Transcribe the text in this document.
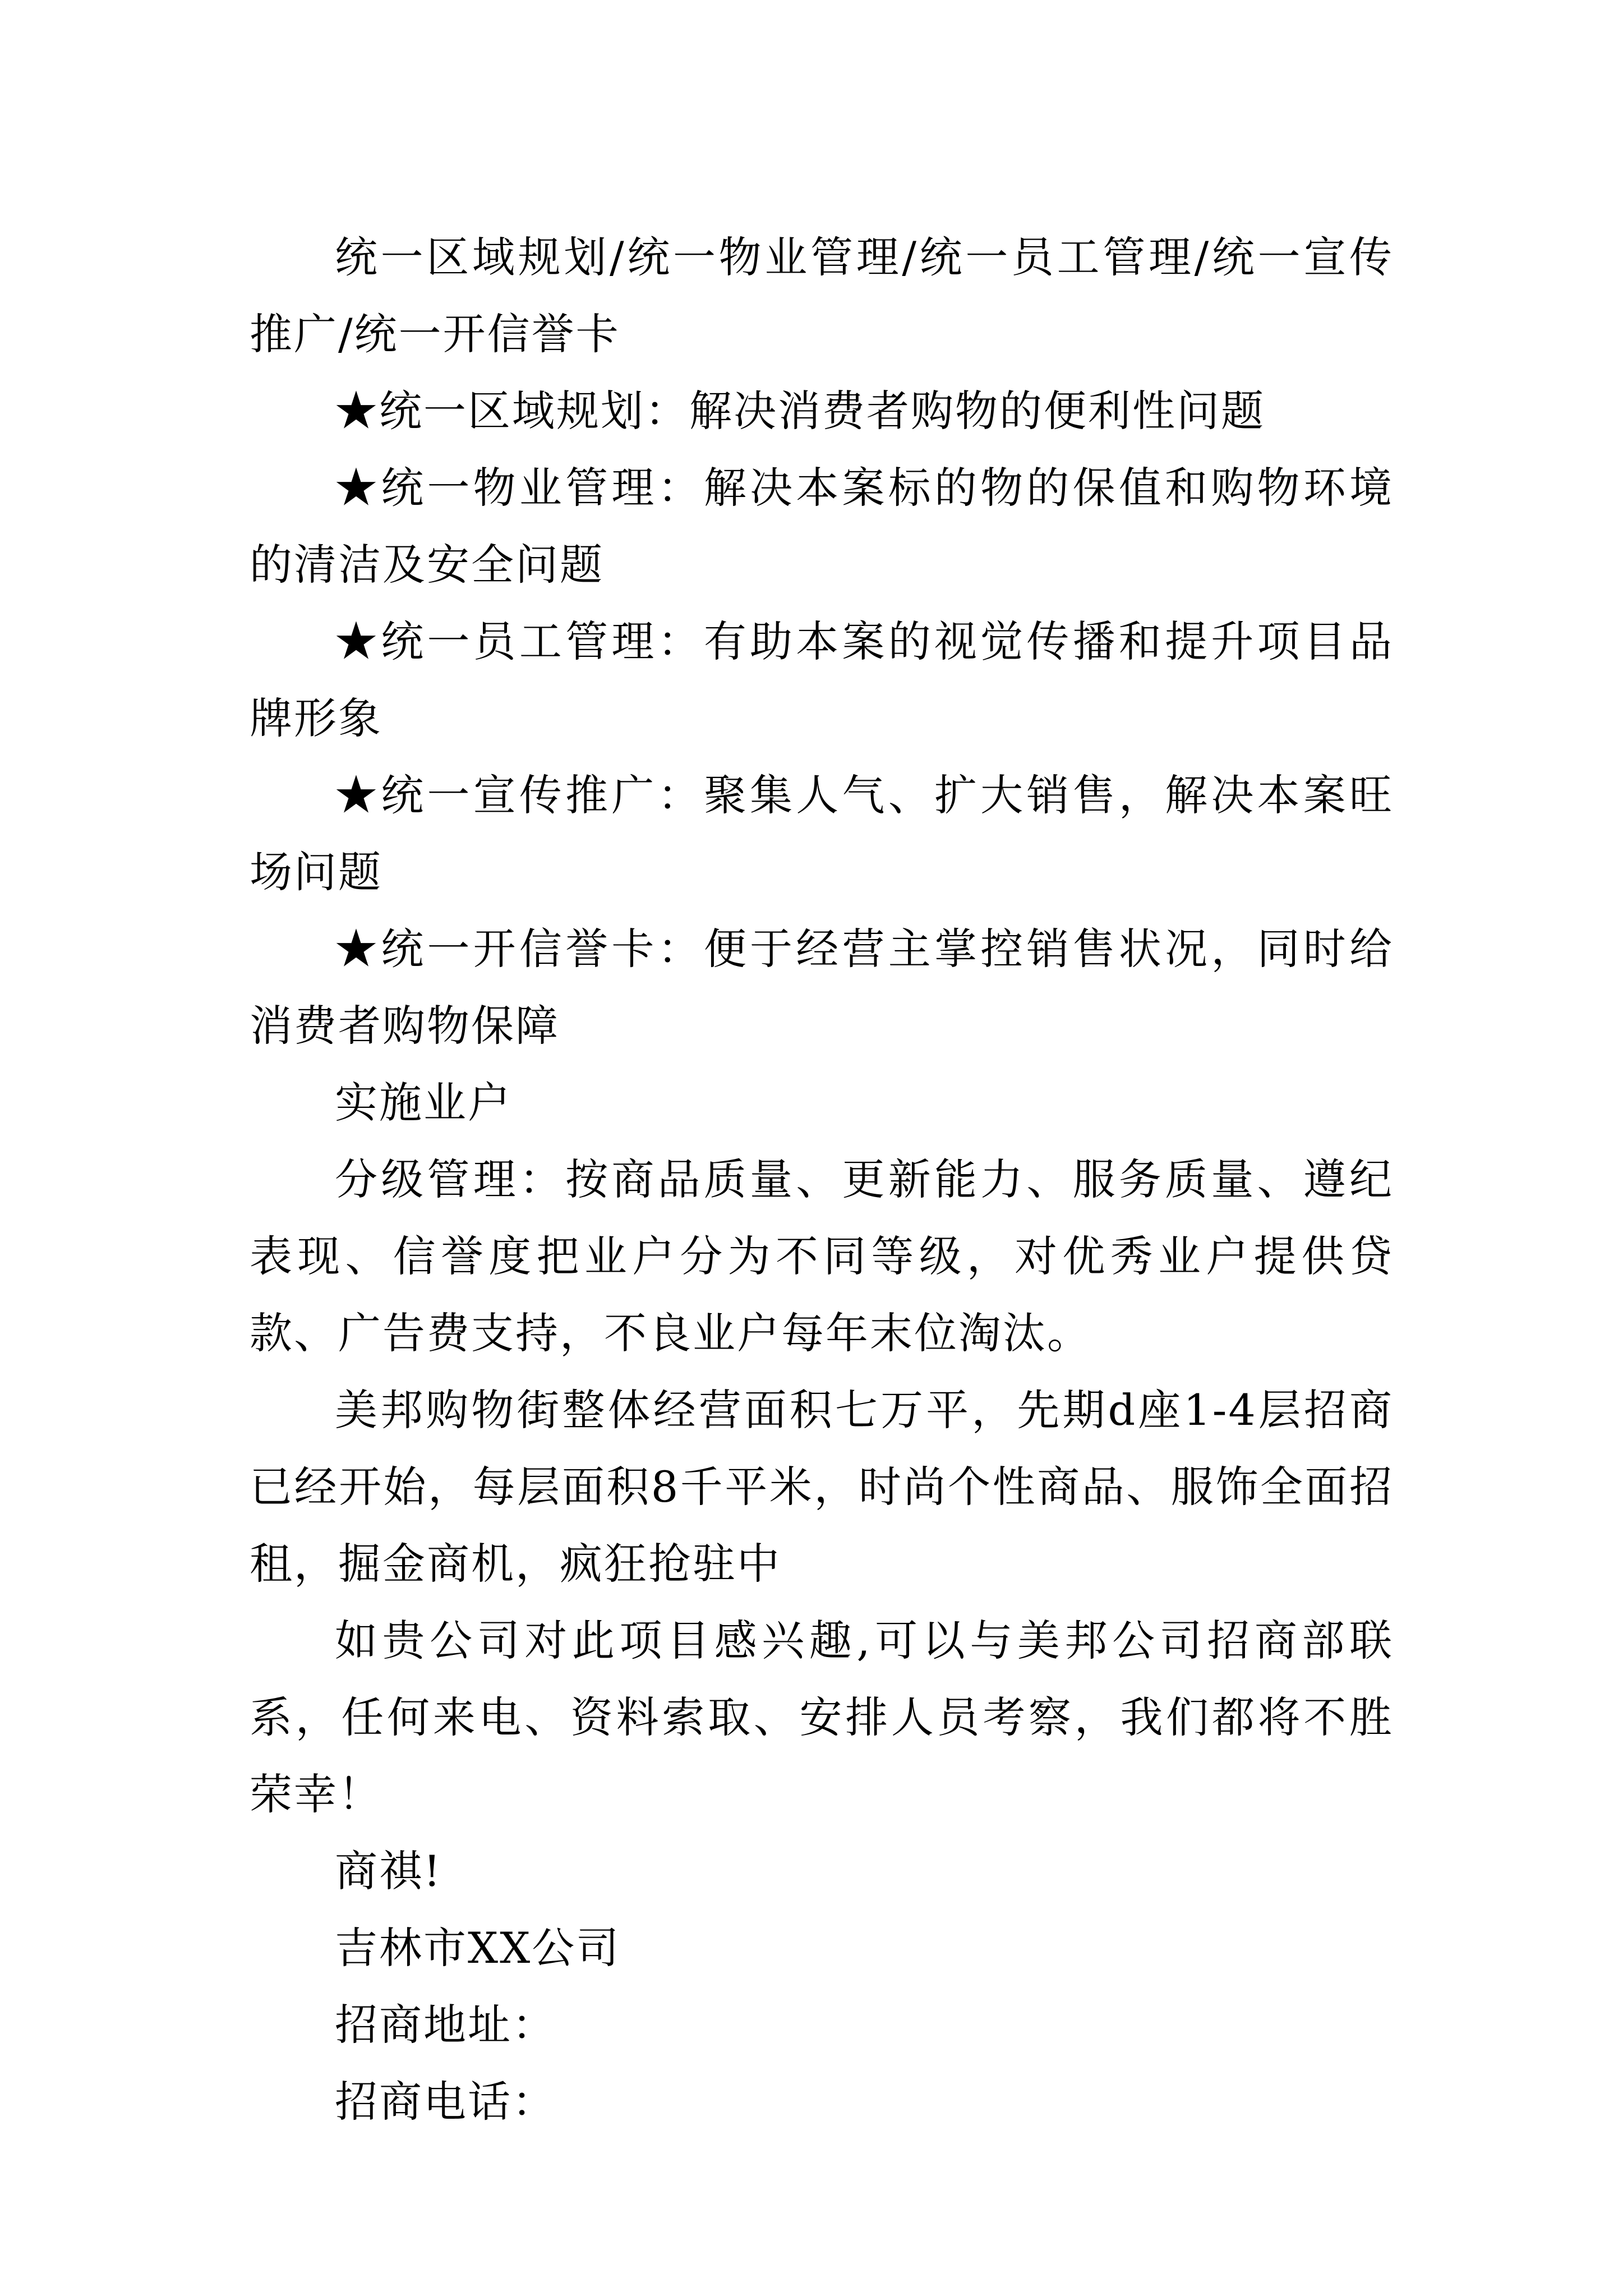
统一区域规划/统一物业管理/统一员工管理/统一宣传推广/统一开信誉卡

★统一区域规划：解决消费者购物的便利性问题

★统一物业管理：解决本案标的物的保值和购物环境的清洁及安全问题

★统一员工管理：有助本案的视觉传播和提升项目品牌形象

★统一宣传推广：聚集人气、扩大销售，解决本案旺场问题

★统一开信誉卡：便于经营主掌控销售状况，同时给消费者购物保障

实施业户

分级管理：按商品质量、更新能力、服务质量、遵纪表现、信誉度把业户分为不同等级，对优秀业户提供贷款、广告费支持，不良业户每年末位淘汰。

美邦购物街整体经营面积七万平，先期d座1-4层招商已经开始，每层面积8千平米，时尚个性商品、服饰全面招租，掘金商机，疯狂抢驻中

如贵公司对此项目感兴趣,可以与美邦公司招商部联系，任何来电、资料索取、安排人员考察，我们都将不胜荣幸！

商祺!

吉林市XX公司

招商地址：

招商电话：
